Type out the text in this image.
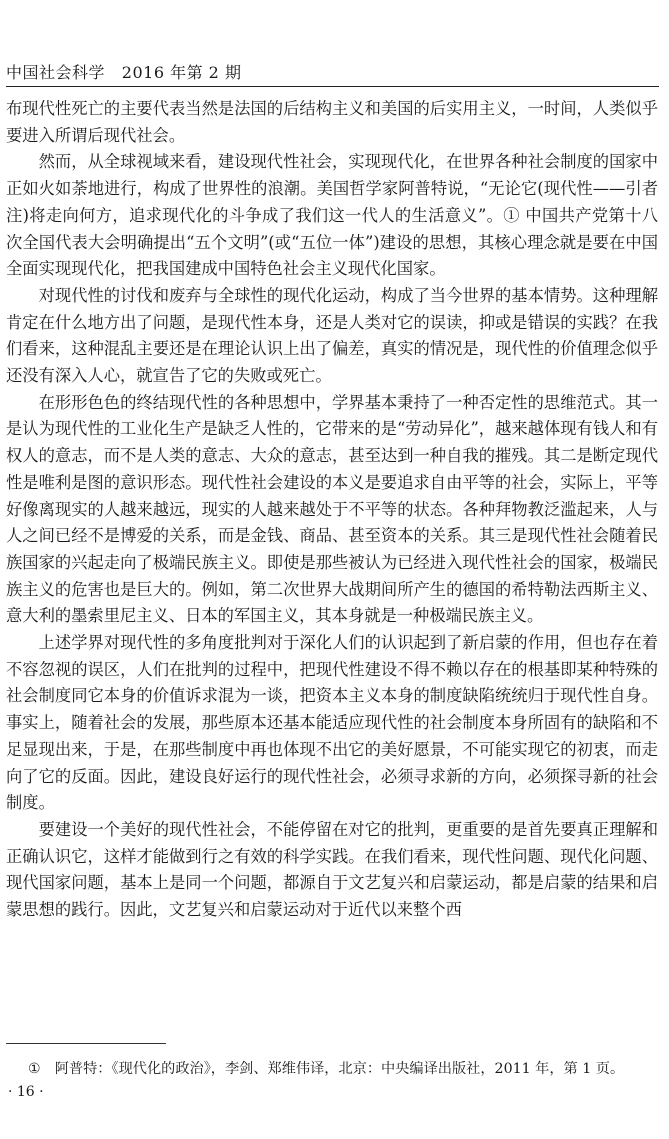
中国社会科学 2016 年第 2 期

布现代性死亡的主要代表当然是法国的后结构主义和美国的后实用主义，一时间，人类似乎要进入所谓后现代社会。

然而，从全球视域来看，建设现代性社会，实现现代化，在世界各种社会制度的国家中正如火如荼地进行，构成了世界性的浪潮。美国哲学家阿普特说，“无论它(现代性——引者注)将走向何方，追求现代化的斗争成了我们这一代人的生活意义”。① 中国共产党第十八次全国代表大会明确提出“五个文明”(或“五位一体”)建设的思想，其核心理念就是要在中国全面实现现代化，把我国建成中国特色社会主义现代化国家。

对现代性的讨伐和废弃与全球性的现代化运动，构成了当今世界的基本情势。这种理解肯定在什么地方出了问题，是现代性本身，还是人类对它的误读，抑或是错误的实践？在我们看来，这种混乱主要还是在理论认识上出了偏差，真实的情况是，现代性的价值理念似乎还没有深入人心，就宣告了它的失败或死亡。

在形形色色的终结现代性的各种思想中，学界基本秉持了一种否定性的思维范式。其一是认为现代性的工业化生产是缺乏人性的，它带来的是“劳动异化”，越来越体现有钱人和有权人的意志，而不是人类的意志、大众的意志，甚至达到一种自我的摧残。其二是断定现代性是唯利是图的意识形态。现代性社会建设的本义是要追求自由平等的社会，实际上，平等好像离现实的人越来越远，现实的人越来越处于不平等的状态。各种拜物教泛滥起来，人与人之间已经不是博爱的关系，而是金钱、商品、甚至资本的关系。其三是现代性社会随着民族国家的兴起走向了极端民族主义。即使是那些被认为已经进入现代性社会的国家，极端民族主义的危害也是巨大的。例如，第二次世界大战期间所产生的德国的希特勒法西斯主义、意大利的墨索里尼主义、日本的军国主义，其本身就是一种极端民族主义。

上述学界对现代性的多角度批判对于深化人们的认识起到了新启蒙的作用，但也存在着不容忽视的误区，人们在批判的过程中，把现代性建设不得不赖以存在的根基即某种特殊的社会制度同它本身的价值诉求混为一谈，把资本主义本身的制度缺陷统统归于现代性自身。事实上，随着社会的发展，那些原本还基本能适应现代性的社会制度本身所固有的缺陷和不足显现出来，于是，在那些制度中再也体现不出它的美好愿景，不可能实现它的初衷，而走向了它的反面。因此，建设良好运行的现代性社会，必须寻求新的方向，必须探寻新的社会制度。

要建设一个美好的现代性社会，不能停留在对它的批判，更重要的是首先要真正理解和正确认识它，这样才能做到行之有效的科学实践。在我们看来，现代性问题、现代化问题、现代国家问题，基本上是同一个问题，都源自于文艺复兴和启蒙运动，都是启蒙的结果和启蒙思想的践行。因此，文艺复兴和启蒙运动对于近代以来整个西

① 阿普特：《现代化的政治》，李剑、郑维伟译，北京：中央编译出版社，2011 年，第 1 页。
· 16 ·
